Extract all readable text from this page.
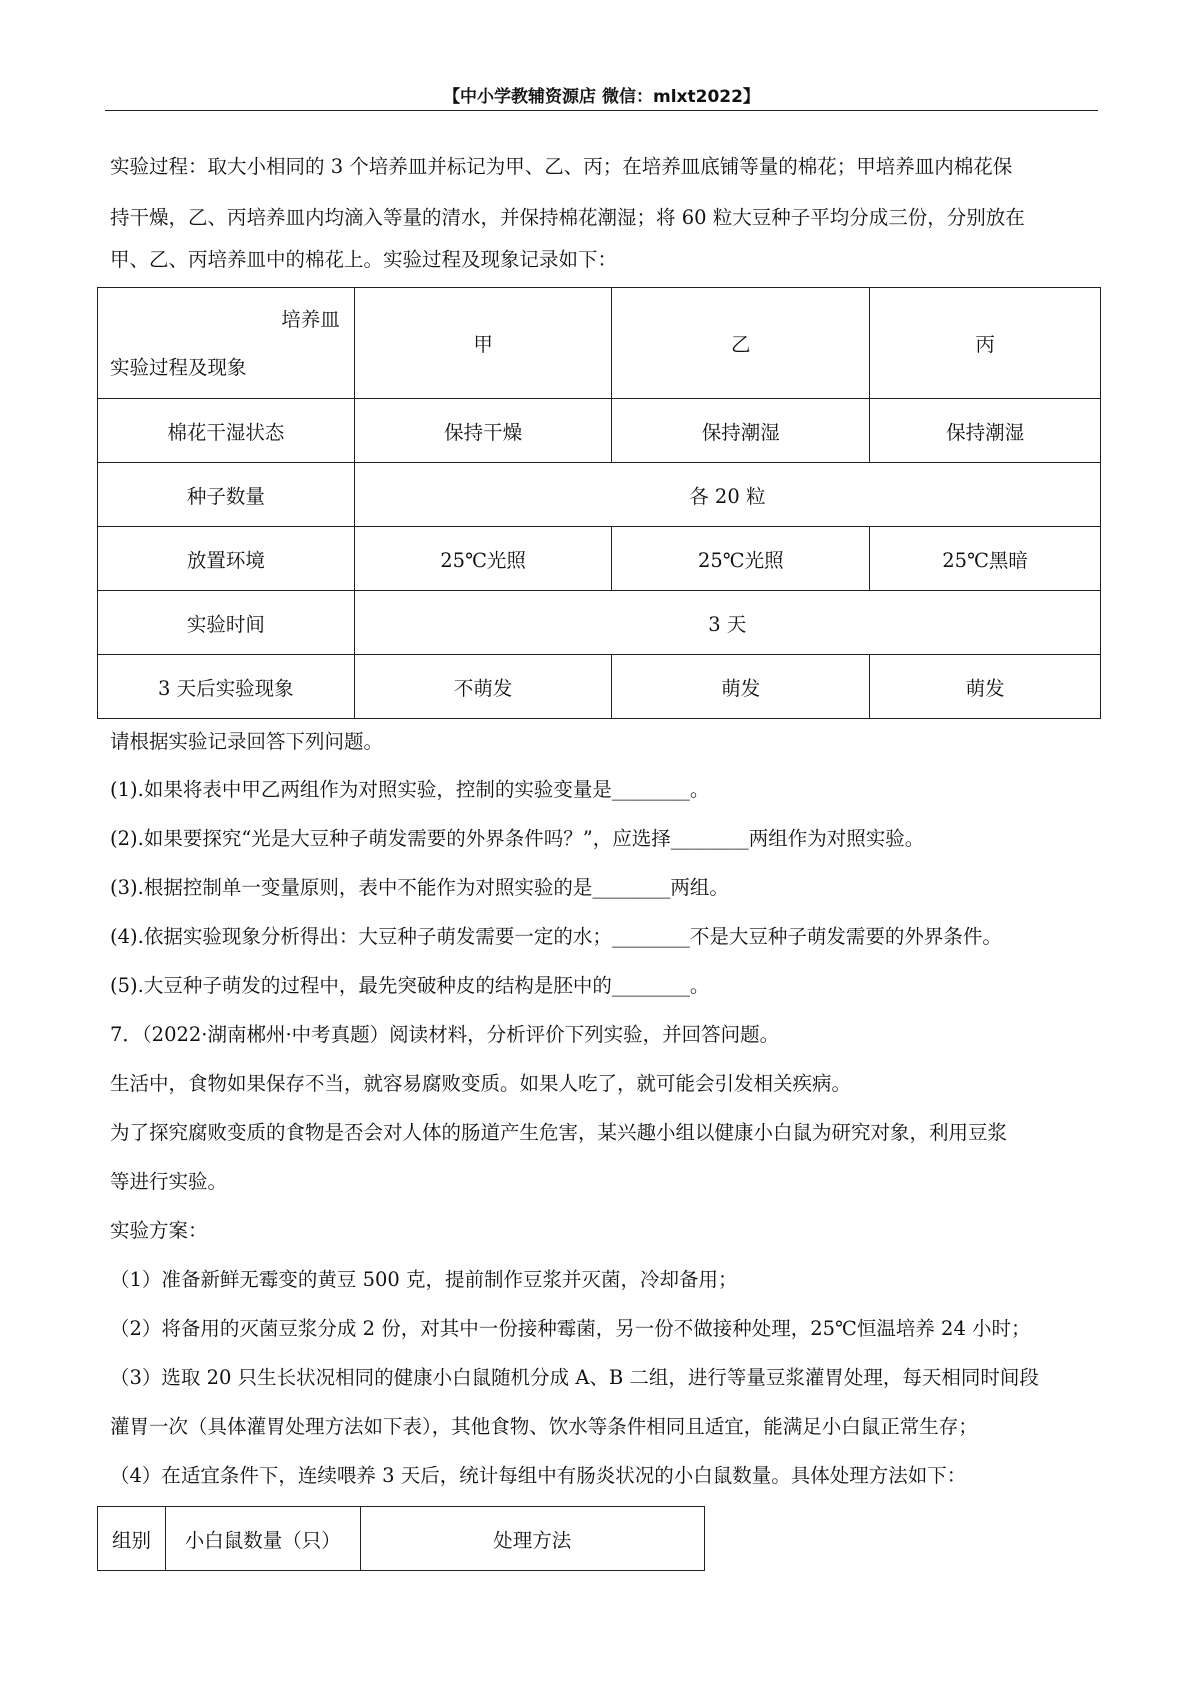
【中小学教辅资源店 微信：mlxt2022】

实验过程：取大小相同的 3 个培养皿并标记为甲、乙、丙；在培养皿底铺等量的棉花；甲培养皿内棉花保

持干燥，乙、丙培养皿内均滴入等量的清水，并保持棉花潮湿；将 60 粒大豆种子平均分成三份，分别放在

甲、乙、丙培养皿中的棉花上。实验过程及现象记录如下：

培养皿
实验过程及现象	甲	乙	丙
棉花干湿状态	保持干燥	保持潮湿	保持潮湿
种子数量	各 20 粒		
放置环境	25℃光照	25℃光照	25℃黑暗
实验时间	3 天		
3 天后实验现象	不萌发	萌发	萌发

请根据实验记录回答下列问题。

(1).如果将表中甲乙两组作为对照实验，控制的实验变量是________。

(2).如果要探究“光是大豆种子萌发需要的外界条件吗？”，应选择________两组作为对照实验。

(3).根据控制单一变量原则，表中不能作为对照实验的是________两组。

(4).依据实验现象分析得出：大豆种子萌发需要一定的水；________不是大豆种子萌发需要的外界条件。

(5).大豆种子萌发的过程中，最先突破种皮的结构是胚中的________。

7．（2022·湖南郴州·中考真题）阅读材料，分析评价下列实验，并回答问题。

生活中，食物如果保存不当，就容易腐败变质。如果人吃了，就可能会引发相关疾病。

为了探究腐败变质的食物是否会对人体的肠道产生危害，某兴趣小组以健康小白鼠为研究对象，利用豆浆

等进行实验。

实验方案：

（1）准备新鲜无霉变的黄豆 500 克，提前制作豆浆并灭菌，冷却备用；

（2）将备用的灭菌豆浆分成 2 份，对其中一份接种霉菌，另一份不做接种处理，25℃恒温培养 24 小时；

（3）选取 20 只生长状况相同的健康小白鼠随机分成 A、B 二组，进行等量豆浆灌胃处理，每天相同时间段

灌胃一次（具体灌胃处理方法如下表），其他食物、饮水等条件相同且适宜，能满足小白鼠正常生存；

（4）在适宜条件下，连续喂养 3 天后，统计每组中有肠炎状况的小白鼠数量。具体处理方法如下：

组别	小白鼠数量（只）	处理方法
